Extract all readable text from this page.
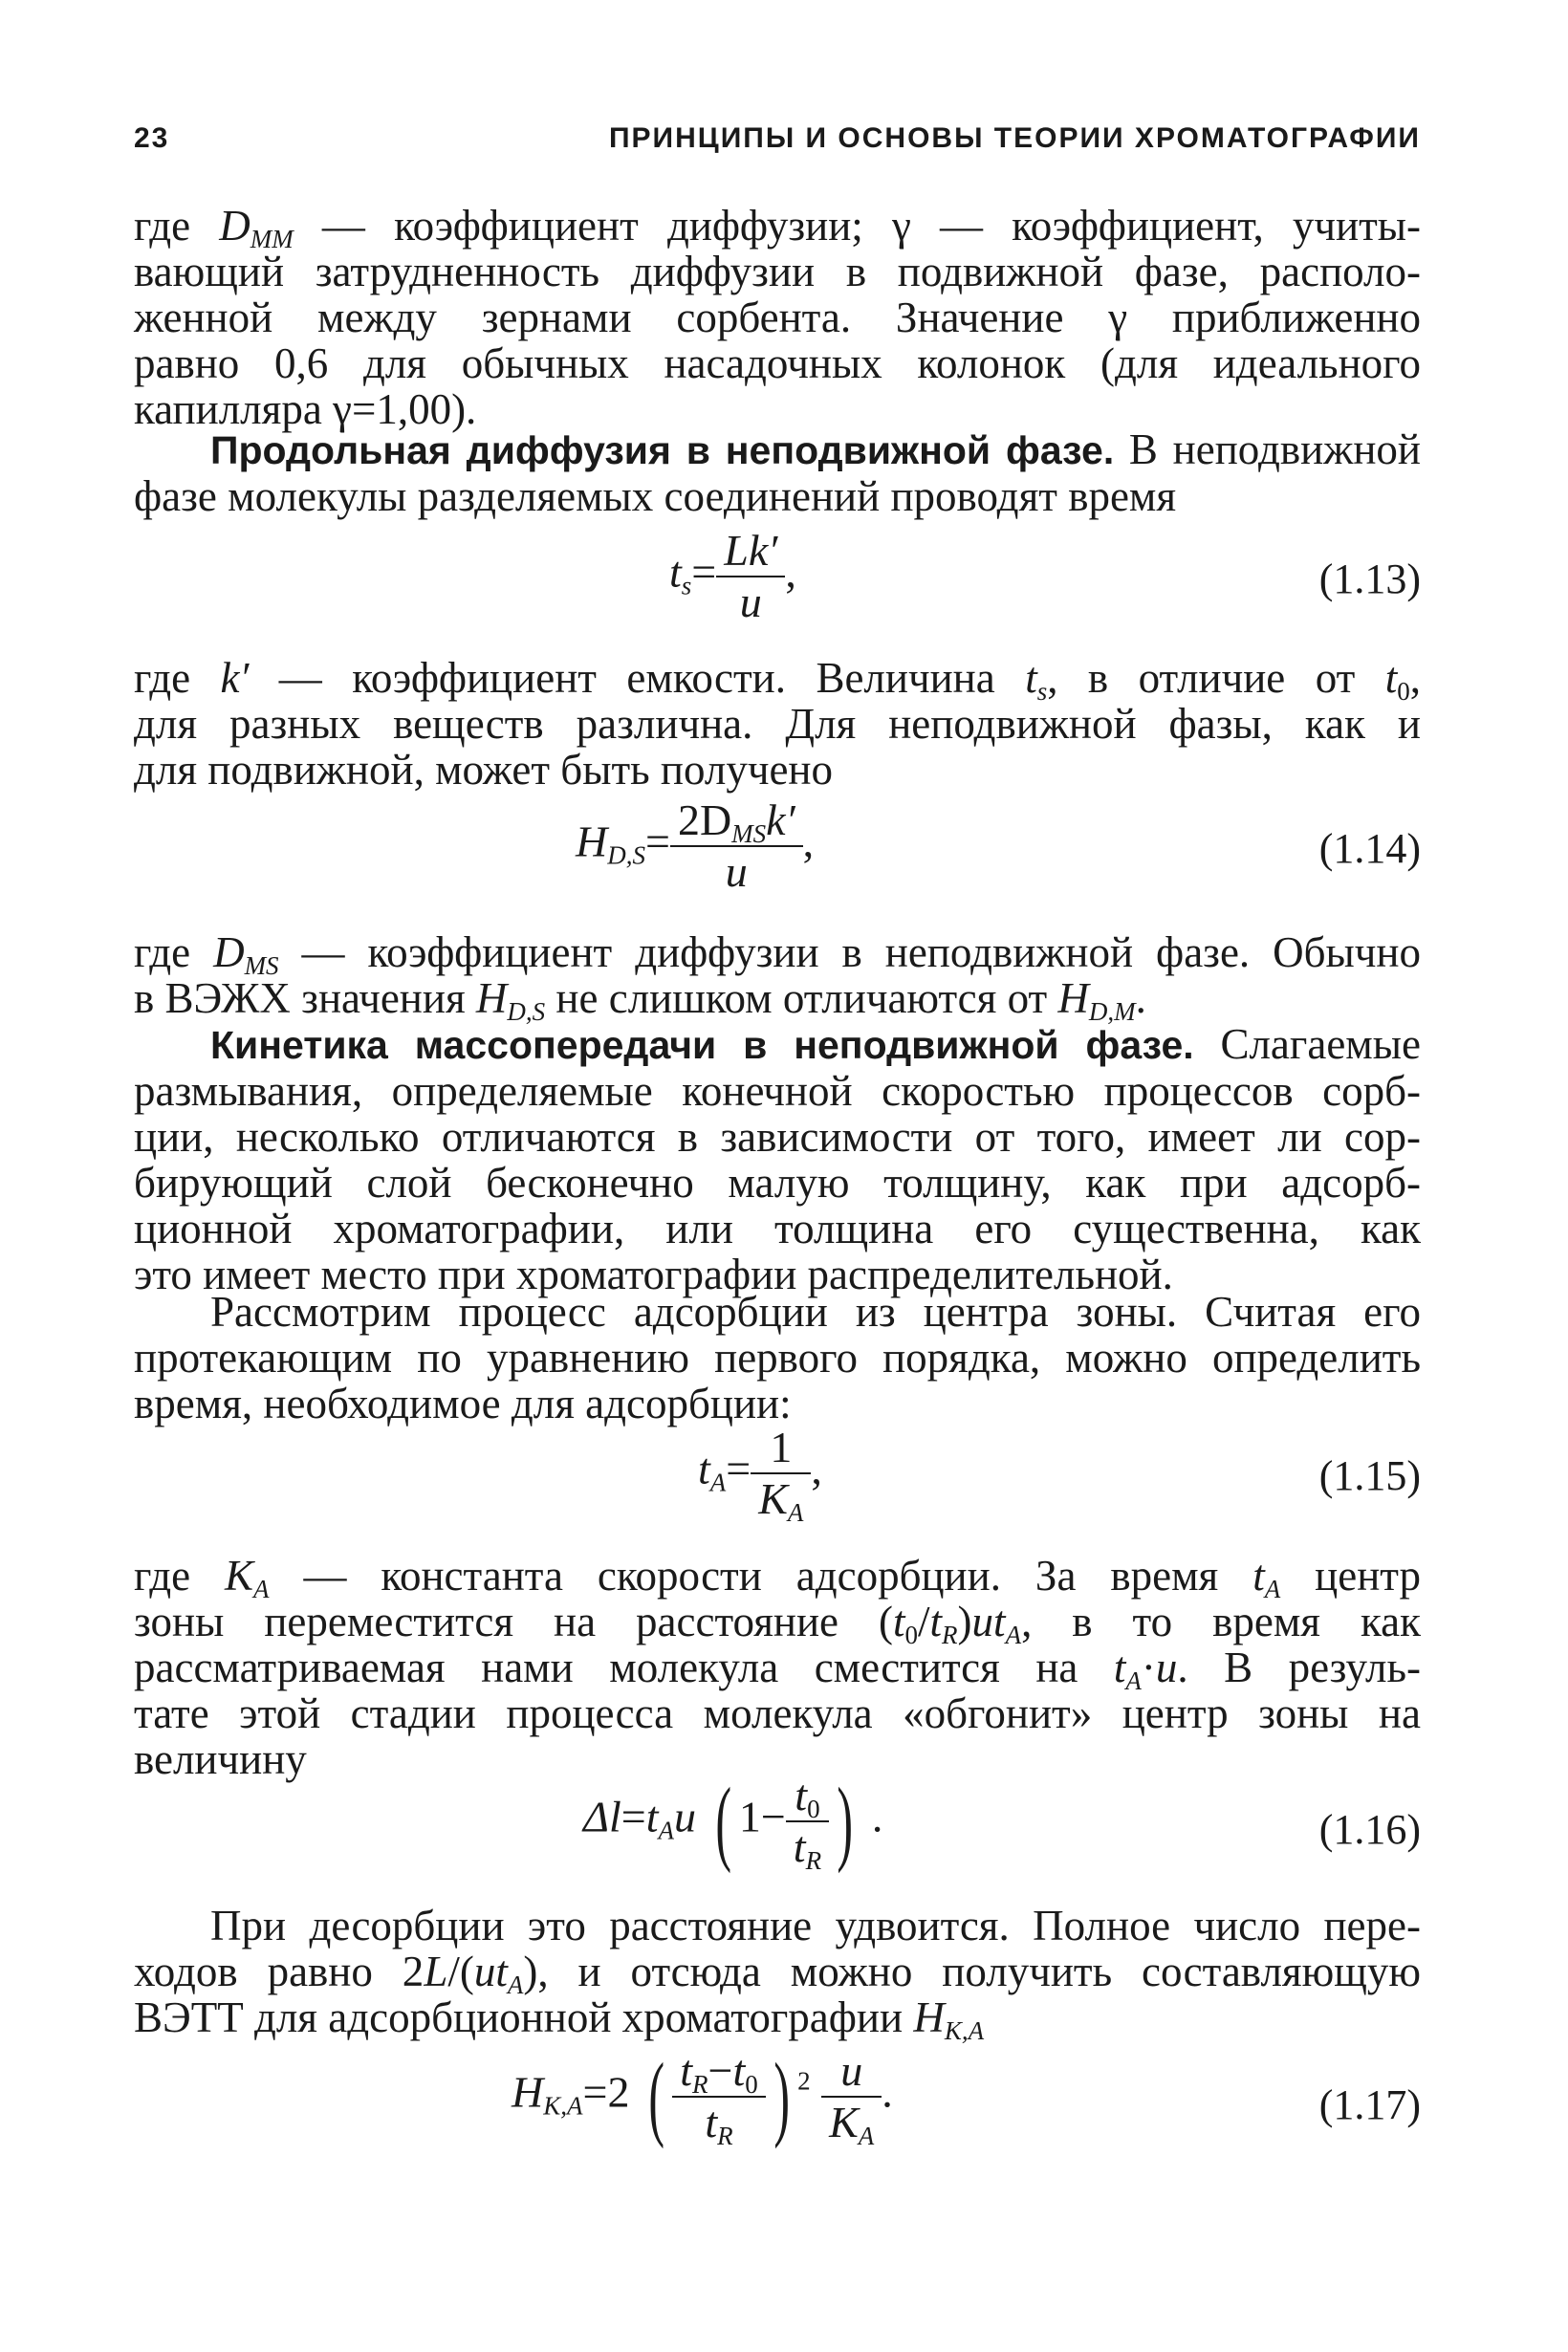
23	ПРИНЦИПЫ И ОСНОВЫ ТЕОРИИ ХРОМАТОГРАФИИ
где $D_{MM}$ — коэффициент диффузии; γ — коэффициент, учиты-
вающий затрудненность диффузии в подвижной фазе, располо-
женной между зернами сорбента. Значение γ приближенно
равно 0,6 для обычных насадочных колонок (для идеального
капилляра γ=1,00).
Продольная диффузия в неподвижной фазе. В неподвижной
фазе молекулы разделяемых соединений проводят время
$t_s= \frac{Lk'}{u}$ ,	(1.13)
где k′ — коэффициент емкости. Величина $t_s$, в отличие от $t_0$,
для разных веществ различна. Для неподвижной фазы, как и
для подвижной, может быть получено
$H_{D,S}= \frac{2D_{MS}k'}{u}$ ,	(1.14)
где $D_{MS}$ — коэффициент диффузии в неподвижной фазе. Обычно
в ВЭЖХ значения $H_{D,S}$ не слишком отличаются от $H_{D,M}$.
Кинетика массопередачи в неподвижной фазе. Слагаемые
размывания, определяемые конечной скоростью процессов сорб-
ции, несколько отличаются в зависимости от того, имеет ли сор-
бирующий слой бесконечно малую толщину, как при адсорб-
ционной хроматографии, или толщина его существенна, как
это имеет место при хроматографии распределительной.
Рассмотрим процесс адсорбции из центра зоны. Считая его
протекающим по уравнению первого порядка, можно определить
время, необходимое для адсорбции:
$t_A= \frac{1}{K_A}$ ,	(1.15)
где $K_A$ — константа скорости адсорбции. За время $t_A$ центр
зоны переместится на расстояние $(t_0/t_R)ut_A$, в то время как
рассматриваемая нами молекула сместится на $t_A\cdot u$. В резуль-
тате этой стадии процесса молекула «обгонит» центр зоны на
величину
$\Delta l=t_Au$ ( $1- \frac{t_0}{t_R}$ ) .	(1.16)
При десорбции это расстояние удвоится. Полное число пере-
ходов равно $2L/(ut_A)$, и отсюда можно получить составляющую
ВЭТТ для адсорбционной хроматографии $H_{K,A}$
$H_{K,A}=2$ ( $\frac{t_R-t_0}{t_R}$ ) $^2 \frac{u}{K_A}$ .	(1.17)
